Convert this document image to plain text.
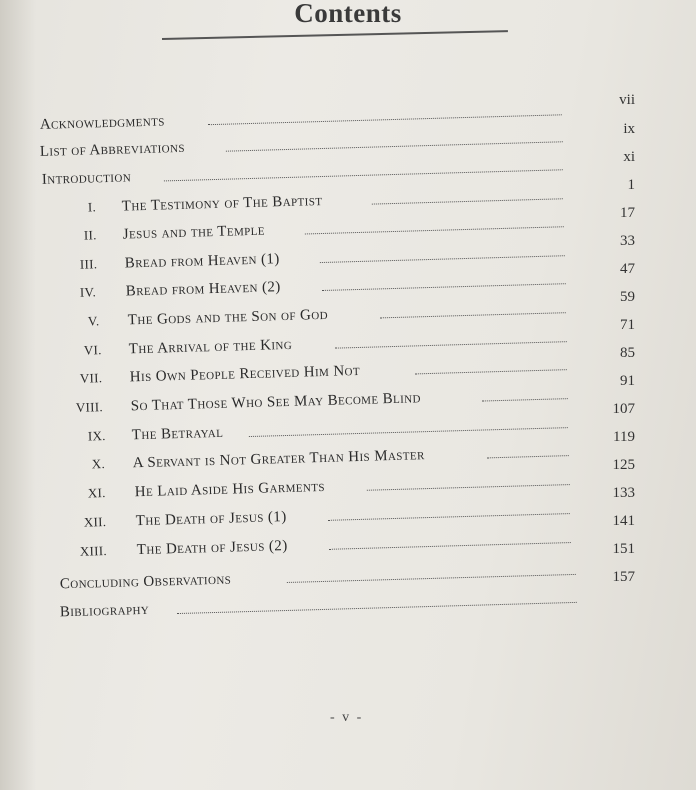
Contents
Acknowledgments
vii
List of Abbreviations
ix
Introduction
xi
I. The Testimony of The Baptist
1
II. Jesus and the Temple
17
III. Bread from Heaven (1)
33
IV. Bread from Heaven (2)
47
V. The Gods and the Son of God
59
VI. The Arrival of the King
71
VII. His Own People Received Him Not
85
VIII. So That Those Who See May Become Blind
91
IX. The Betrayal
107
X. A Servant is Not Greater Than His Master
119
XI. He Laid Aside His Garments
125
XII. The Death of Jesus (1)
133
XIII. The Death of Jesus (2)
141
Concluding Observations
151
Bibliography
157
- v -
